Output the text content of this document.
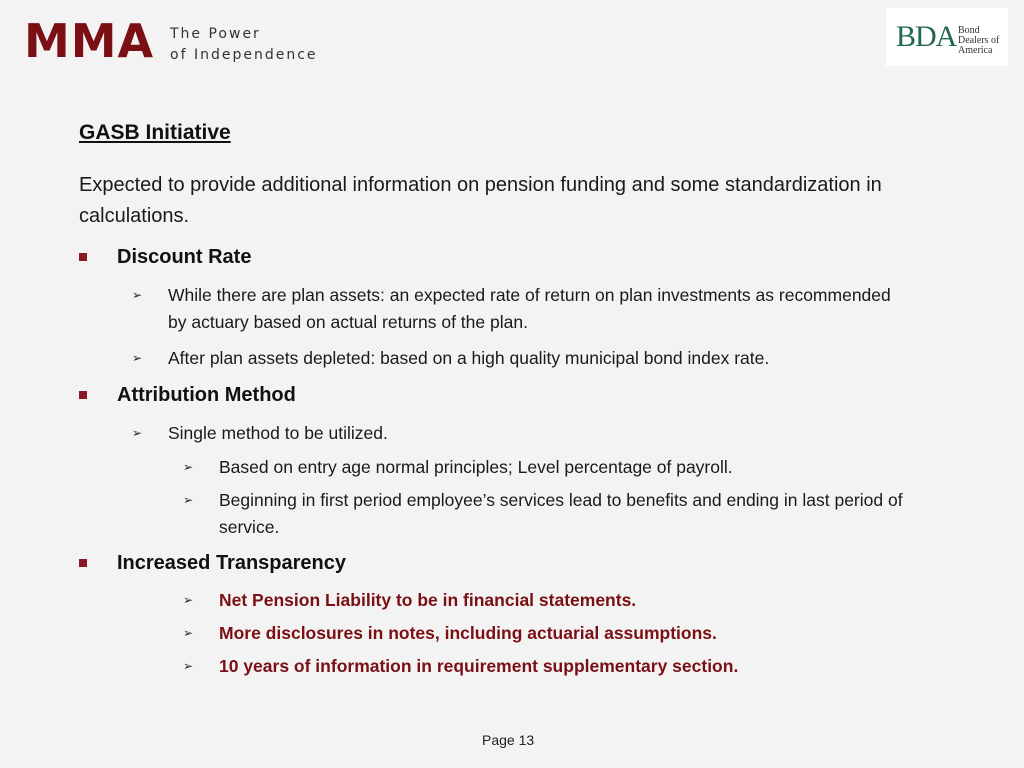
MMA The Power
of Independence
BDA Bond
Dealers of
America
GASB Initiative
Expected to provide additional information on pension funding and some standardization in calculations.
Discount Rate
➢ While there are plan assets: an expected rate of return on plan investments as recommended by actuary based on actual returns of the plan.
➢ After plan assets depleted: based on a high quality municipal bond index rate.
Attribution Method
➢ Single method to be utilized.
➢ Based on entry age normal principles; Level percentage of payroll.
➢ Beginning in first period employee’s services lead to benefits and ending in last period of service.
Increased Transparency
➢ Net Pension Liability to be in financial statements.
➢ More disclosures in notes, including actuarial assumptions.
➢ 10 years of information in requirement supplementary section.
Page 13
